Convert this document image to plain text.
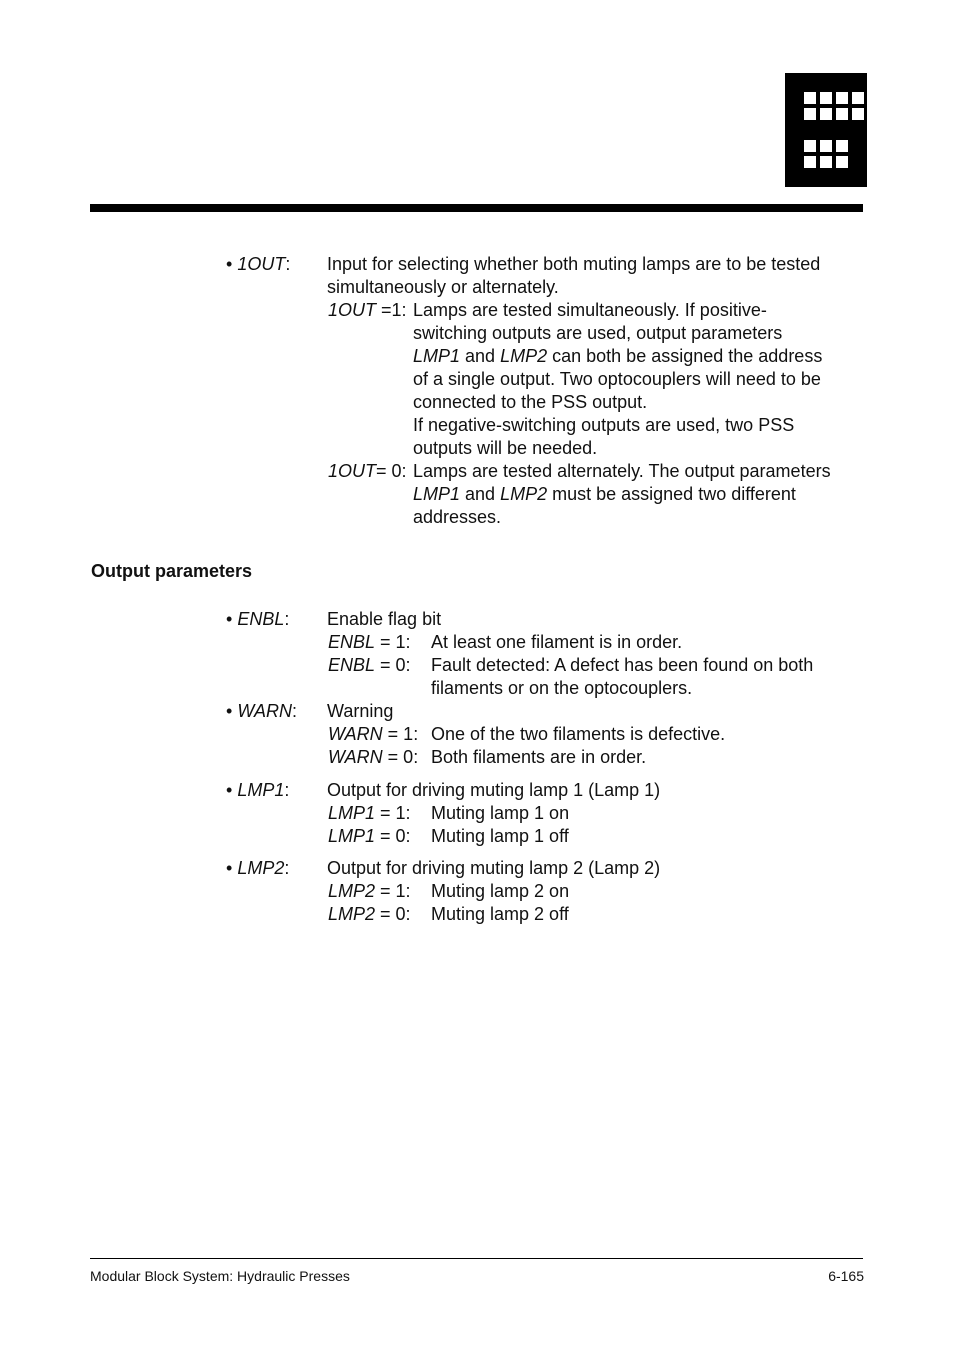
• 1OUT: Input for selecting whether both muting lamps are to be tested
simultaneously or alternately.
1OUT =1: Lamps are tested simultaneously. If positive-
switching outputs are used, output parameters
LMP1 and LMP2 can both be assigned the address
of a single output. Two optocouplers will need to be
connected to the PSS output.
If negative-switching outputs are used, two PSS
outputs will be needed.
1OUT= 0: Lamps are tested alternately. The output parameters
LMP1 and LMP2 must be assigned two different
addresses.
Output parameters
• ENBL: Enable flag bit
ENBL = 1: At least one filament is in order.
ENBL = 0: Fault detected: A defect has been found on both
filaments or on the optocouplers.
• WARN: Warning
WARN = 1: One of the two filaments is defective.
WARN = 0: Both filaments are in order.
• LMP1: Output for driving muting lamp 1 (Lamp 1)
LMP1 = 1: Muting lamp 1 on
LMP1 = 0: Muting lamp 1 off
• LMP2: Output for driving muting lamp 2 (Lamp 2)
LMP2 = 1: Muting lamp 2 on
LMP2 = 0: Muting lamp 2 off
Modular Block System: Hydraulic Presses	6-165
